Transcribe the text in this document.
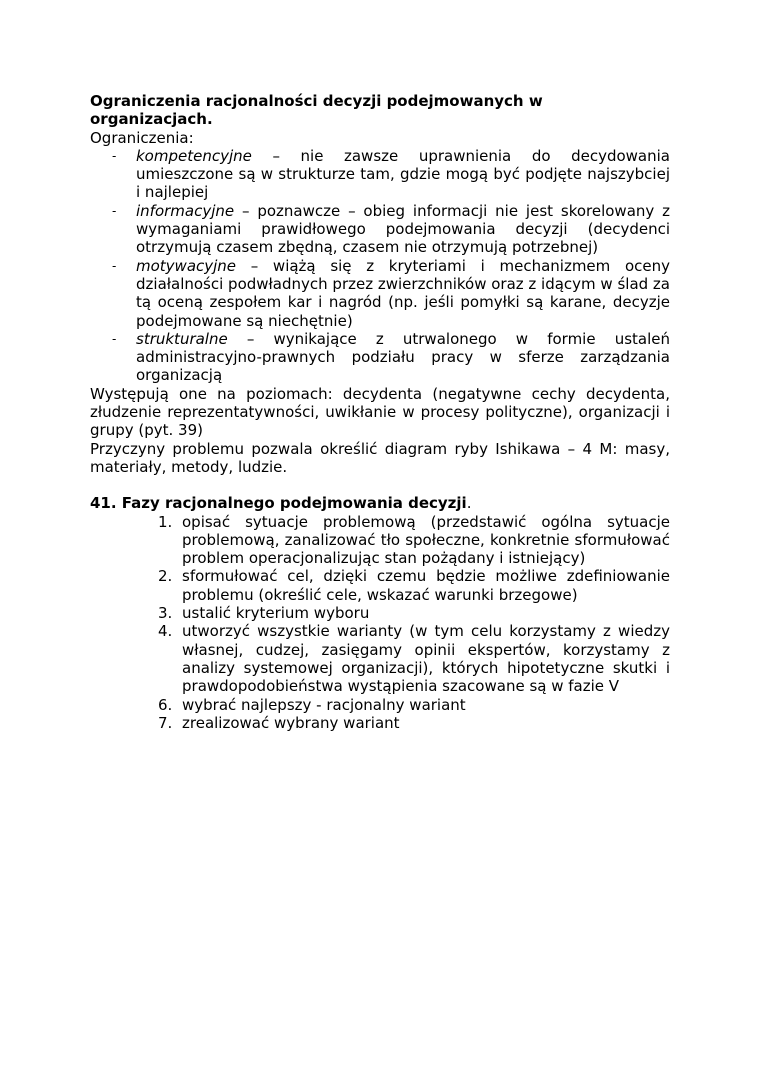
Ograniczenia racjonalności decyzji podejmowanych w organizacjach.

Ograniczenia:

- kompetencyjne – nie zawsze uprawnienia do decydowania umieszczone są w strukturze tam, gdzie mogą być podjęte najszybciej i najlepiej
- informacyjne – poznawcze – obieg informacji nie jest skorelowany z wymaganiami prawidłowego podejmowania decyzji (decydenci otrzymują czasem zbędną, czasem nie otrzymują potrzebnej)
- motywacyjne – wiążą się z kryteriami i mechanizmem oceny działalności podwładnych przez zwierzchników oraz z idącym w ślad za tą oceną zespołem kar i nagród (np. jeśli pomyłki są karane, decyzje podejmowane są niechętnie)
- strukturalne – wynikające z utrwalonego w formie ustaleń administracyjno-prawnych podziału pracy w sferze zarządzania organizacją

Występują one na poziomach: decydenta (negatywne cechy decydenta, złudzenie reprezentatywności, uwikłanie w procesy polityczne), organizacji i grupy (pyt. 39)

Przyczyny problemu pozwala określić diagram ryby Ishikawa – 4 M: masy, materiały, metody, ludzie.

41. Fazy racjonalnego podejmowania decyzji.

1. opisać sytuacje problemową (przedstawić ogólna sytuacje problemową, zanalizować tło społeczne, konkretnie sformułować problem operacjonalizując stan pożądany i istniejący)
2. sformułować cel, dzięki czemu będzie możliwe zdefiniowanie problemu (określić cele, wskazać warunki brzegowe)
3. ustalić kryterium wyboru
4. utworzyć wszystkie warianty (w tym celu korzystamy z wiedzy własnej, cudzej, zasięgamy opinii ekspertów, korzystamy z analizy systemowej organizacji), których hipotetyczne skutki i prawdopodobieństwa wystąpienia szacowane są w fazie V
6. wybrać najlepszy - racjonalny wariant
7. zrealizować wybrany wariant
